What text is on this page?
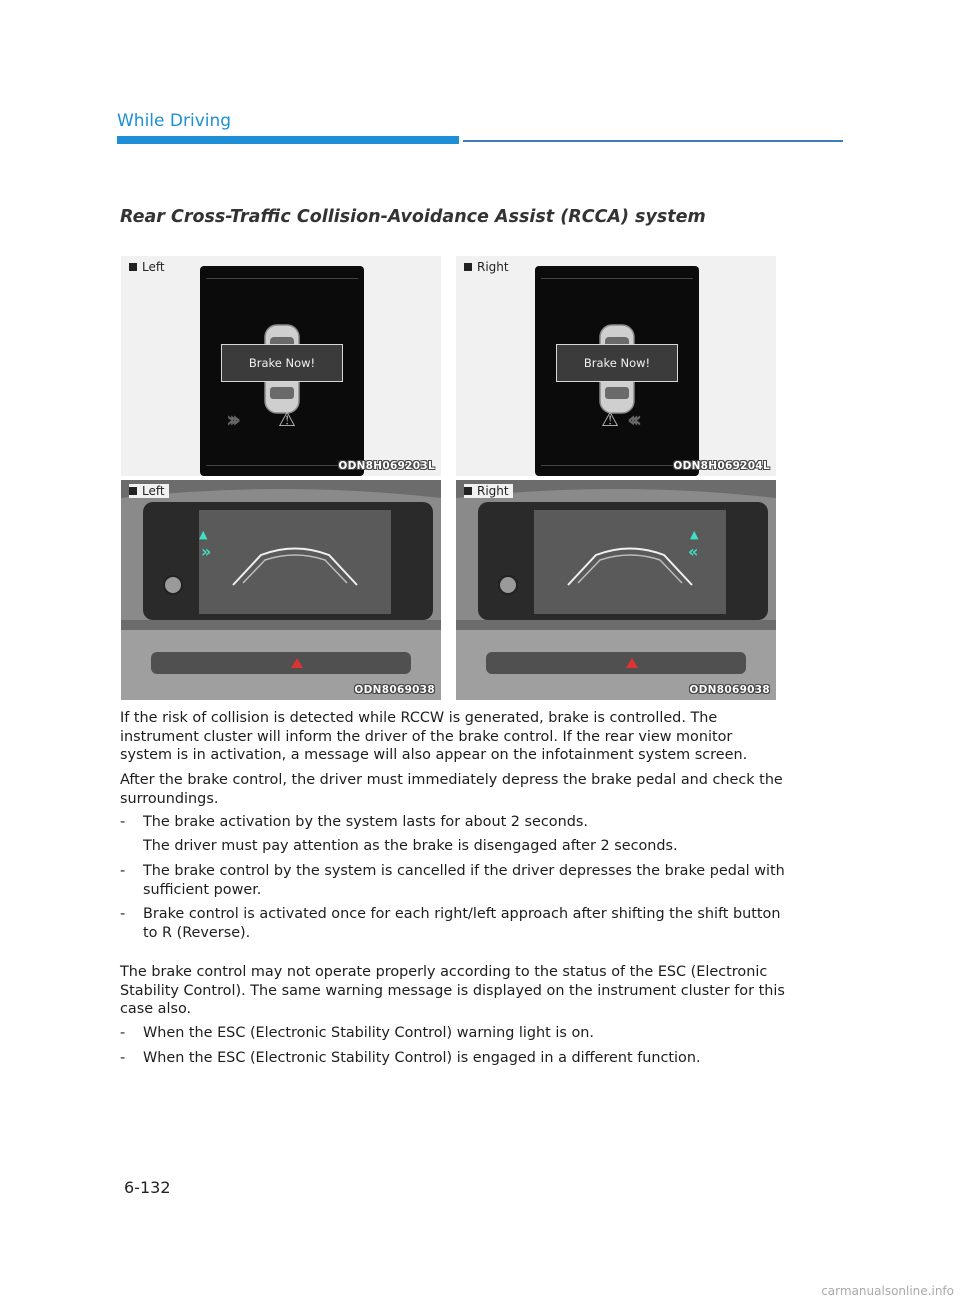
While Driving
Rear Cross-Traffic Collision-Avoidance Assist (RCCA) system
Left
Brake Now!
››› ⚠
ODN8H069203L
Right
Brake Now!
⚠ ‹‹‹
ODN8H069204L
»
▲
Left
ODN8069038
▲
«
Right
ODN8069038

If the risk of collision is detected while RCCW is generated, brake is controlled. The instrument cluster will inform the driver of the brake control. If the rear view monitor system is in activation, a message will also appear on the infotainment system screen.

After the brake control, the driver must immediately depress the brake pedal and check the surroundings.

- The brake activation by the system lasts for about 2 seconds.
The driver must pay attention as the brake is disengaged after 2 seconds.
- The brake control by the system is cancelled if the driver depresses the brake pedal with sufficient power.
- Brake control is activated once for each right/left approach after shifting the shift button to R (Reverse).

The brake control may not operate properly according to the status of the ESC (Electronic Stability Control). The same warning message is displayed on the instrument cluster for this case also.

- When the ESC (Electronic Stability Control) warning light is on.
- When the ESC (Electronic Stability Control) is engaged in a different function.
6-132
carmanualsonline.info
